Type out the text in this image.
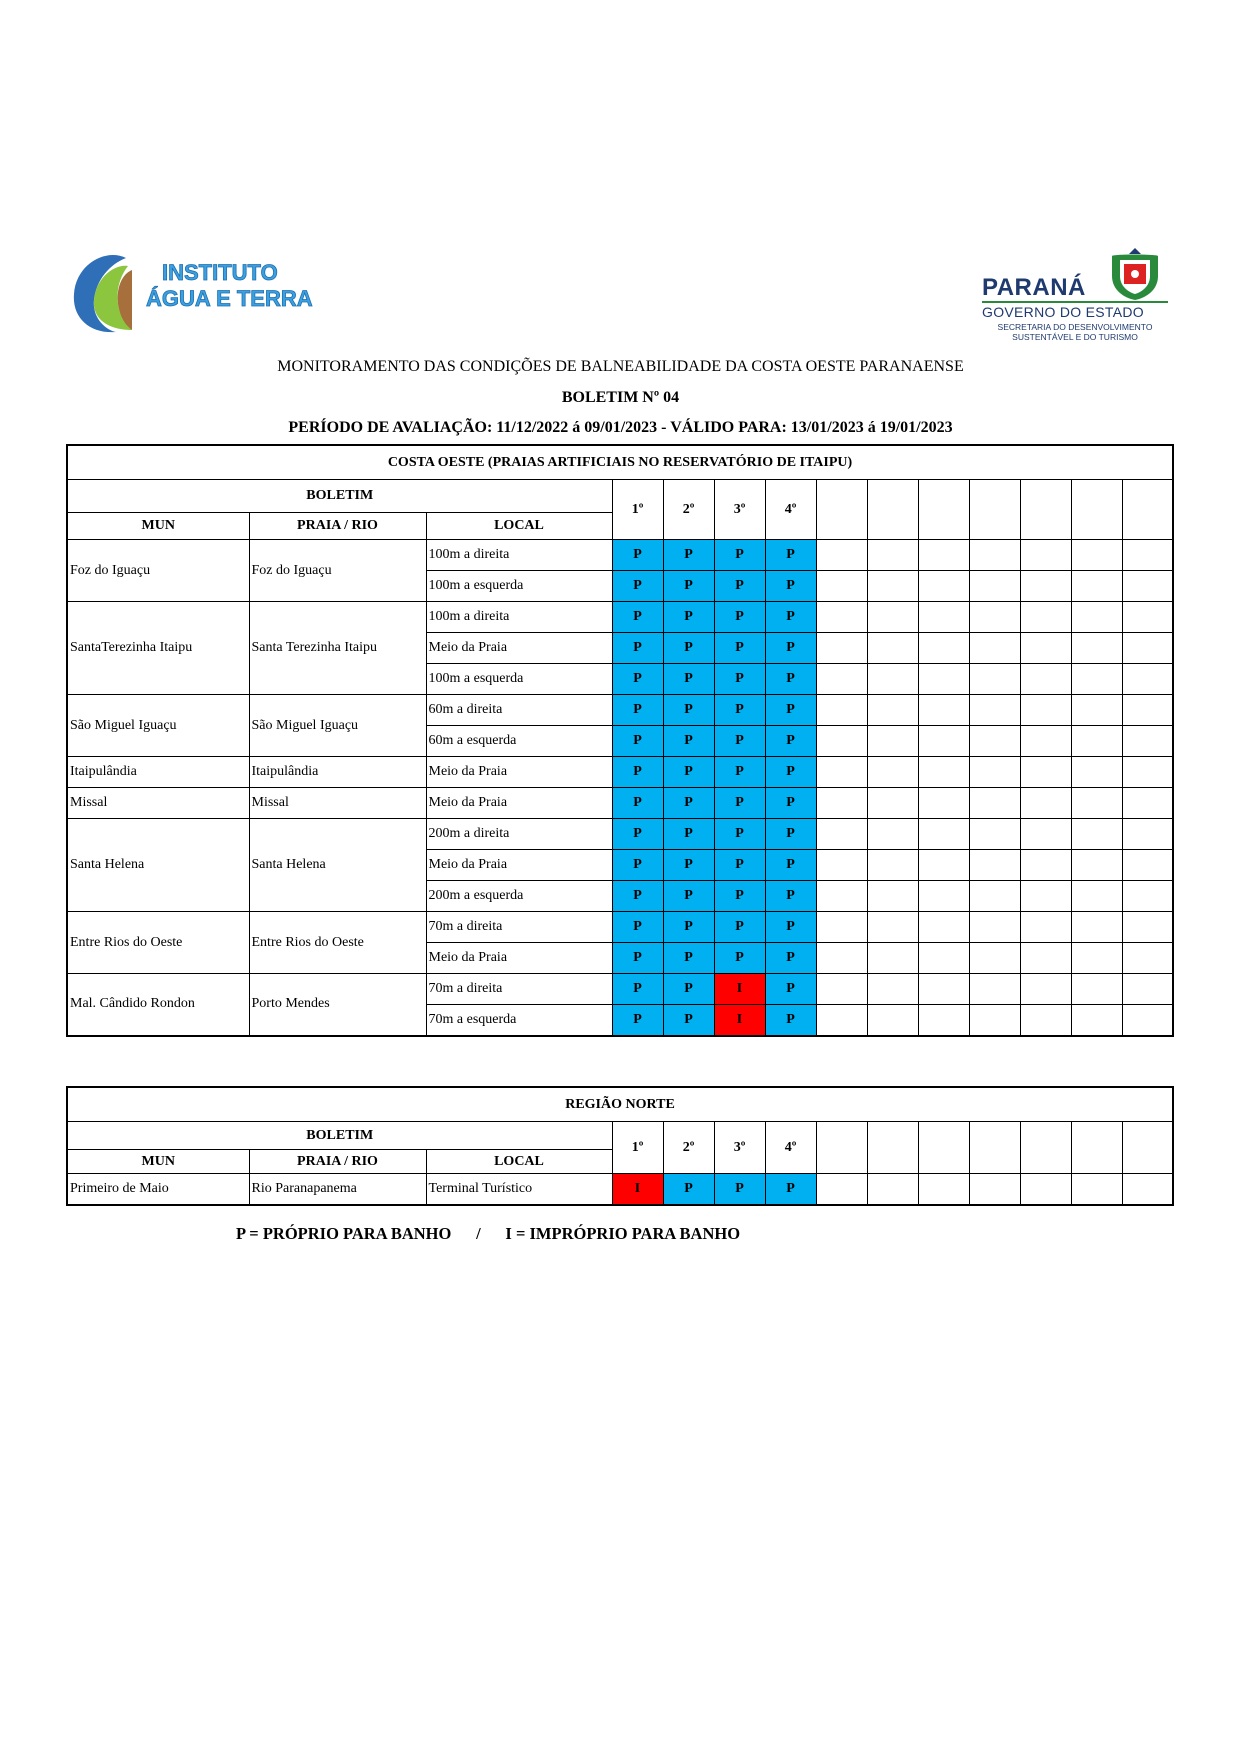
INSTITUTO
ÁGUA E TERRA	PARANÁ
GOVERNO DO ESTADO
SECRETARIA DO DESENVOLVIMENTO
SUSTENTÁVEL E DO TURISMO
MONITORAMENTO DAS CONDIÇÕES DE BALNEABILIDADE DA COSTA OESTE PARANAENSE
BOLETIM Nº 04
PERÍODO DE AVALIAÇÃO: 11/12/2022 á 09/01/2023 - VÁLIDO PARA: 13/01/2023 á 19/01/2023
COSTA OESTE (PRAIAS ARTIFICIAIS NO RESERVATÓRIO DE ITAIPU)													
BOLETIM			1º	2º	3º	4º							
MUN	PRAIA / RIO	LOCAL											
Foz do Iguaçu	Foz do Iguaçu	100m a direita	P	P	P	P							
		100m a esquerda	P	P	P	P							
SantaTerezinha Itaipu	Santa Terezinha Itaipu	100m a direita	P	P	P	P							
		Meio da Praia	P	P	P	P							
		100m a esquerda	P	P	P	P							
São Miguel Iguaçu	São Miguel Iguaçu	60m a direita	P	P	P	P							
		60m a esquerda	P	P	P	P							
Itaipulândia	Itaipulândia	Meio da Praia	P	P	P	P							
Missal	Missal	Meio da Praia	P	P	P	P							
Santa Helena	Santa Helena	200m a direita	P	P	P	P							
		Meio da Praia	P	P	P	P							
		200m a esquerda	P	P	P	P							
Entre Rios do Oeste	Entre Rios do Oeste	70m a direita	P	P	P	P							
		Meio da Praia	P	P	P	P							
Mal. Cândido Rondon	Porto Mendes	70m a direita	P	P	I	P							
		70m a esquerda	P	P	I	P							
REGIÃO NORTE													
BOLETIM			1º	2º	3º	4º							
MUN	PRAIA / RIO	LOCAL											
Primeiro de Maio	Rio Paranapanema	Terminal Turístico	I	P	P	P							
P = PRÓPRIO PARA BANHO      /      I = IMPRÓPRIO PARA BANHO
